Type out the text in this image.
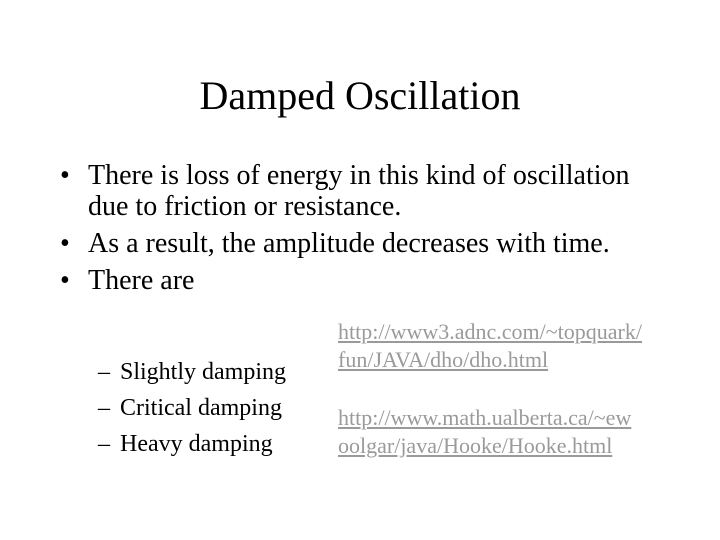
Damped Oscillation
• There is loss of energy in this kind of oscillation due to friction or resistance.
• As a result, the amplitude decreases with time.
• There are
– Slightly damping
– Critical damping
– Heavy damping
http://www3.adnc.com/~topquark/
fun/JAVA/dho/dho.html
http://www.math.ualberta.ca/~ew
oolgar/java/Hooke/Hooke.html
